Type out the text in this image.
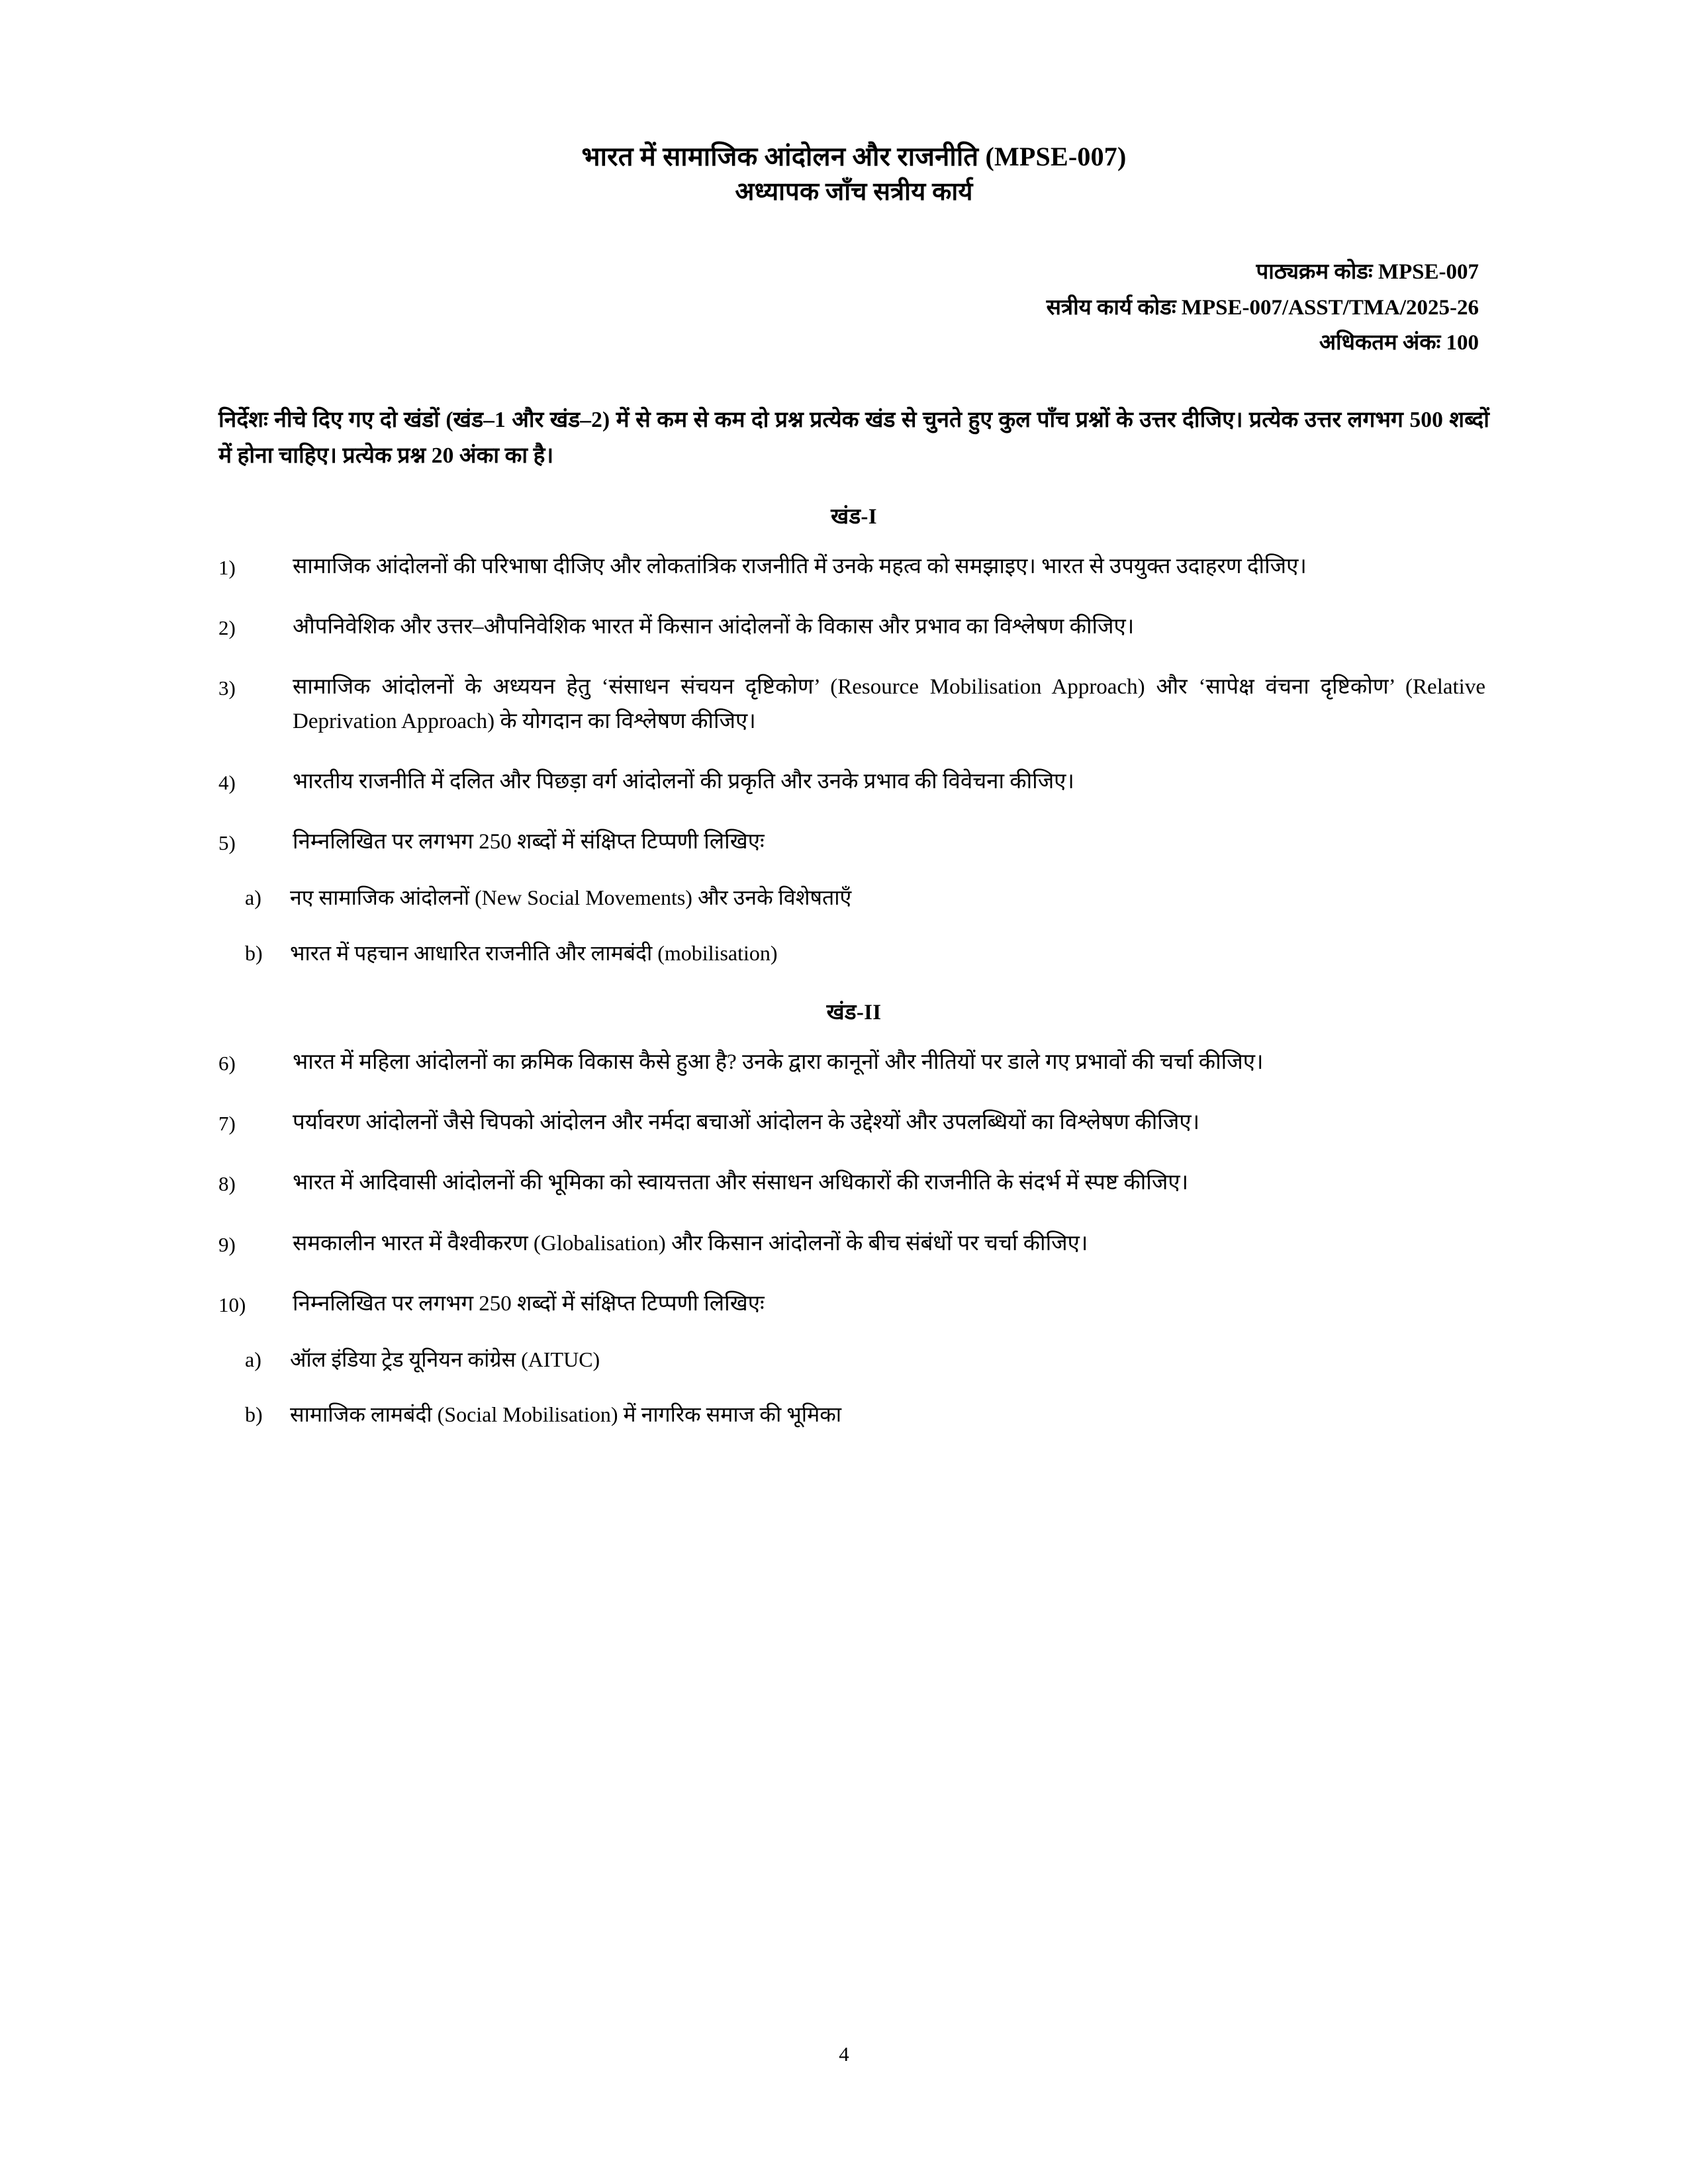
भारत में सामाजिक आंदोलन और राजनीति (MPSE-007)
अध्यापक जाँच सत्रीय कार्य
पाठ्यक्रम कोडः MPSE-007
सत्रीय कार्य कोडः MPSE-007/ASST/TMA/2025-26
अधिकतम अंकः 100
निर्देशः नीचे दिए गए दो खंडों (खंड–1 और खंड–2) में से कम से कम दो प्रश्न प्रत्येक खंड से चुनते हुए कुल पाँच प्रश्नों के उत्तर दीजिए। प्रत्येक उत्तर लगभग 500 शब्दों में होना चाहिए। प्रत्येक प्रश्न 20 अंका का है।
खंड-I
1)	सामाजिक आंदोलनों की परिभाषा दीजिए और लोकतांत्रिक राजनीति में उनके महत्व को समझाइए। भारत से उपयुक्त उदाहरण दीजिए।
2)	औपनिवेशिक और उत्तर–औपनिवेशिक भारत में किसान आंदोलनों के विकास और प्रभाव का विश्लेषण कीजिए।
3)	सामाजिक आंदोलनों के अध्ययन हेतु ‘संसाधन संचयन दृष्टिकोण’ (Resource Mobilisation Approach) और ‘सापेक्ष वंचना दृष्टिकोण’ (Relative Deprivation Approach) के योगदान का विश्लेषण कीजिए।
4)	भारतीय राजनीति में दलित और पिछड़ा वर्ग आंदोलनों की प्रकृति और उनके प्रभाव की विवेचना कीजिए।
5)	निम्नलिखित पर लगभग 250 शब्दों में संक्षिप्त टिप्पणी लिखिएः
a)	नए सामाजिक आंदोलनों (New Social Movements) और उनके विशेषताएँ
b)	भारत में पहचान आधारित राजनीति और लामबंदी (mobilisation)
खंड-II
6)	भारत में महिला आंदोलनों का क्रमिक विकास कैसे हुआ है? उनके द्वारा कानूनों और नीतियों पर डाले गए प्रभावों की चर्चा कीजिए।
7)	पर्यावरण आंदोलनों जैसे चिपको आंदोलन और नर्मदा बचाओं आंदोलन के उद्देश्यों और उपलब्धियों का विश्लेषण कीजिए।
8)	भारत में आदिवासी आंदोलनों की भूमिका को स्वायत्तता और संसाधन अधिकारों की राजनीति के संदर्भ में स्पष्ट कीजिए।
9)	समकालीन भारत में वैश्वीकरण (Globalisation) और किसान आंदोलनों के बीच संबंधों पर चर्चा कीजिए।
10)	निम्नलिखित पर लगभग 250 शब्दों में संक्षिप्त टिप्पणी लिखिएः
a)	ऑल इंडिया ट्रेड यूनियन कांग्रेस (AITUC)
b)	सामाजिक लामबंदी (Social Mobilisation) में नागरिक समाज की भूमिका
4
